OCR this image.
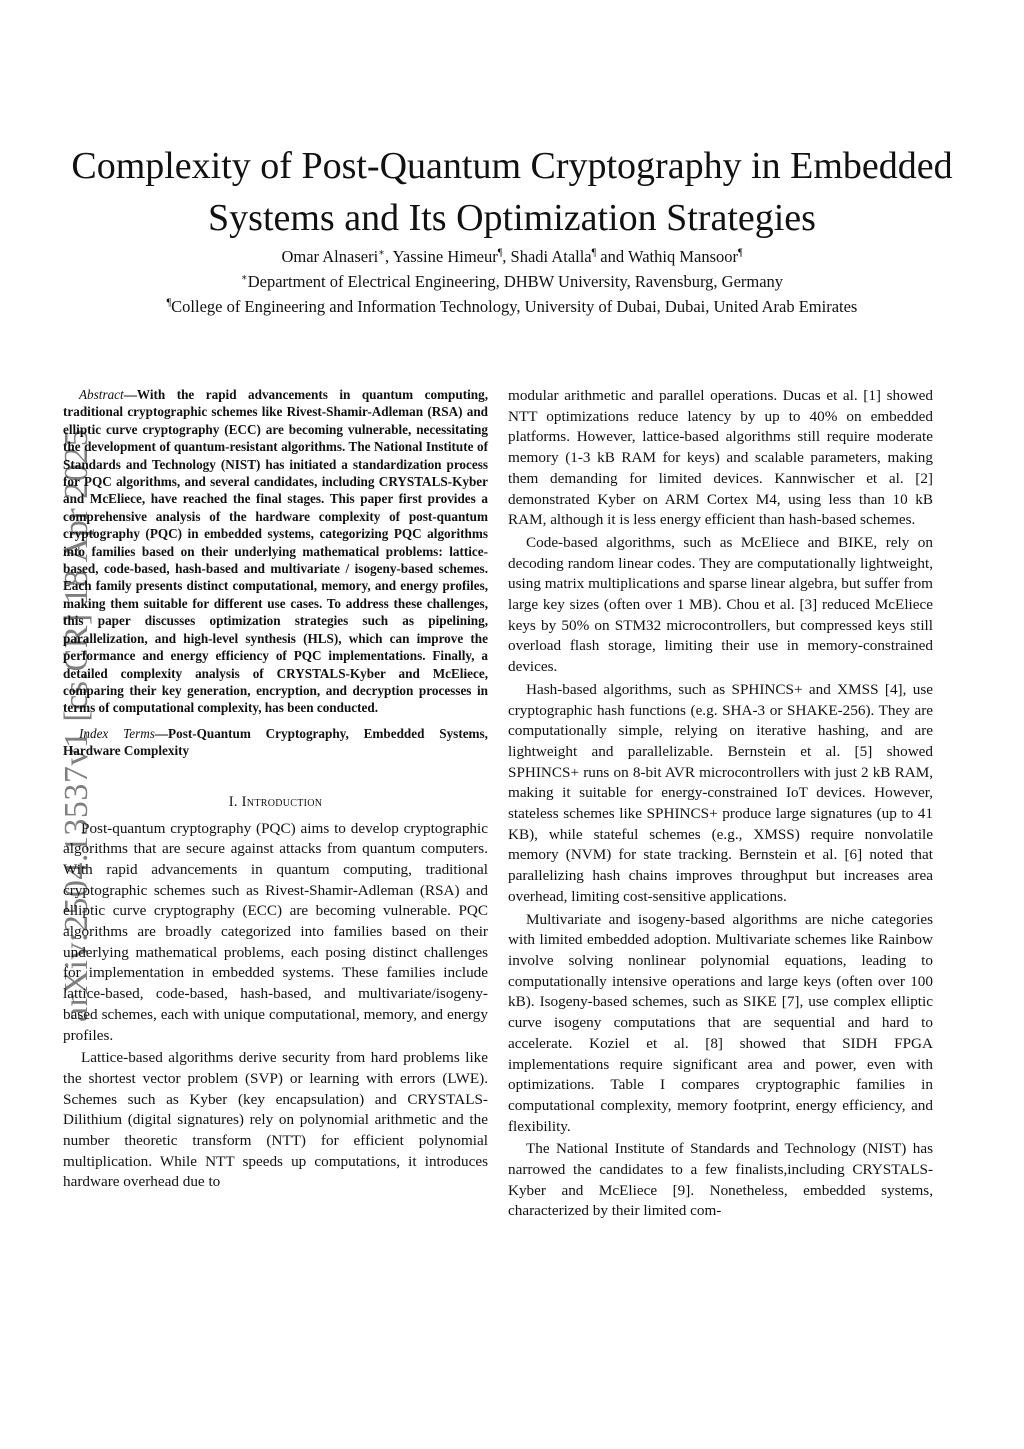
Complexity of Post-Quantum Cryptography in Embedded Systems and Its Optimization Strategies
Omar Alnaseri∗, Yassine Himeur¶, Shadi Atalla¶ and Wathiq Mansoor¶
∗Department of Electrical Engineering, DHBW University, Ravensburg, Germany
¶College of Engineering and Information Technology, University of Dubai, Dubai, United Arab Emirates
arXiv:2504.13537v1 [cs.CR] 18 Apr 2025

Abstract—With the rapid advancements in quantum computing, traditional cryptographic schemes like Rivest-Shamir-Adleman (RSA) and elliptic curve cryptography (ECC) are becoming vulnerable, necessitating the development of quantum-resistant algorithms. The National Institute of Standards and Technology (NIST) has initiated a standardization process for PQC algorithms, and several candidates, including CRYSTALS-Kyber and McEliece, have reached the final stages. This paper first provides a comprehensive analysis of the hardware complexity of post-quantum cryptography (PQC) in embedded systems, categorizing PQC algorithms into families based on their underlying mathematical problems: lattice-based, code-based, hash-based and multivariate / isogeny-based schemes. Each family presents distinct computational, memory, and energy profiles, making them suitable for different use cases. To address these challenges, this paper discusses optimization strategies such as pipelining, parallelization, and high-level synthesis (HLS), which can improve the performance and energy efficiency of PQC implementations. Finally, a detailed complexity analysis of CRYSTALS-Kyber and McEliece, comparing their key generation, encryption, and decryption processes in terms of computational complexity, has been conducted.

Index Terms—Post-Quantum Cryptography, Embedded Systems, Hardware Complexity

I. Introduction

Post-quantum cryptography (PQC) aims to develop cryptographic algorithms that are secure against attacks from quantum computers. With rapid advancements in quantum computing, traditional cryptographic schemes such as Rivest-Shamir-Adleman (RSA) and elliptic curve cryptography (ECC) are becoming vulnerable. PQC algorithms are broadly categorized into families based on their underlying mathematical problems, each posing distinct challenges for implementation in embedded systems. These families include lattice-based, code-based, hash-based, and multivariate/isogeny-based schemes, each with unique computational, memory, and energy profiles.

Lattice-based algorithms derive security from hard problems like the shortest vector problem (SVP) or learning with errors (LWE). Schemes such as Kyber (key encapsulation) and CRYSTALS-Dilithium (digital signatures) rely on polynomial arithmetic and the number theoretic transform (NTT) for efficient polynomial multiplication. While NTT speeds up computations, it introduces hardware overhead due to

modular arithmetic and parallel operations. Ducas et al. [1] showed NTT optimizations reduce latency by up to 40% on embedded platforms. However, lattice-based algorithms still require moderate memory (1-3 kB RAM for keys) and scalable parameters, making them demanding for limited devices. Kannwischer et al. [2] demonstrated Kyber on ARM Cortex M4, using less than 10 kB RAM, although it is less energy efficient than hash-based schemes.

Code-based algorithms, such as McEliece and BIKE, rely on decoding random linear codes. They are computationally lightweight, using matrix multiplications and sparse linear algebra, but suffer from large key sizes (often over 1 MB). Chou et al. [3] reduced McEliece keys by 50% on STM32 microcontrollers, but compressed keys still overload flash storage, limiting their use in memory-constrained devices.

Hash-based algorithms, such as SPHINCS+ and XMSS [4], use cryptographic hash functions (e.g. SHA-3 or SHAKE-256). They are computationally simple, relying on iterative hashing, and are lightweight and parallelizable. Bernstein et al. [5] showed SPHINCS+ runs on 8-bit AVR microcontrollers with just 2 kB RAM, making it suitable for energy-constrained IoT devices. However, stateless schemes like SPHINCS+ produce large signatures (up to 41 KB), while stateful schemes (e.g., XMSS) require nonvolatile memory (NVM) for state tracking. Bernstein et al. [6] noted that parallelizing hash chains improves throughput but increases area overhead, limiting cost-sensitive applications.

Multivariate and isogeny-based algorithms are niche categories with limited embedded adoption. Multivariate schemes like Rainbow involve solving nonlinear polynomial equations, leading to computationally intensive operations and large keys (often over 100 kB). Isogeny-based schemes, such as SIKE [7], use complex elliptic curve isogeny computations that are sequential and hard to accelerate. Koziel et al. [8] showed that SIDH FPGA implementations require significant area and power, even with optimizations. Table I compares cryptographic families in computational complexity, memory footprint, energy efficiency, and flexibility.

The National Institute of Standards and Technology (NIST) has narrowed the candidates to a few finalists,including CRYSTALS-Kyber and McEliece [9]. Nonetheless, embedded systems, characterized by their limited com-
